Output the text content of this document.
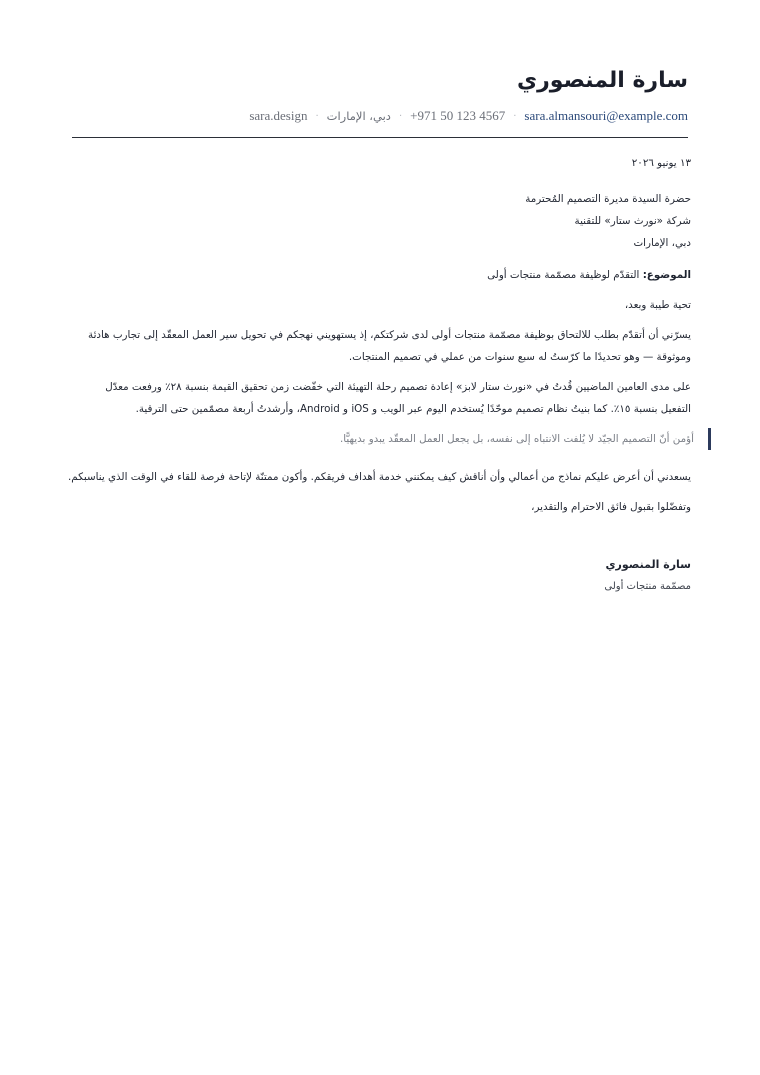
سارة المنصوري
sara.almansouri@example.com
·
+971 50 123 4567
·
دبي، الإمارات
·
sara.design
١٣ يونيو ٢٠٢٦
حضرة السيدة مديرة التصميم المُحترمة
شركة «نورث ستار» للتقنية
دبي، الإمارات
الموضوع: التقدّم لوظيفة مصمّمة منتجات أولى
تحية طيبة وبعد،
يسرّني أن أتقدّم بطلب للالتحاق بوظيفة مصمّمة منتجات أولى لدى شركتكم، إذ يستهويني نهجكم في تحويل سير العمل المعقّد إلى تجارب هادئة
وموثوقة — وهو تحديدًا ما كرّستُ له سبع سنوات من عملي في تصميم المنتجات.
على مدى العامين الماضيين قُدتُ في «نورث ستار لابز» إعادة تصميم رحلة التهيئة التي خفّضت زمن تحقيق القيمة بنسبة ٢٨٪ ورفعت معدّل
التفعيل بنسبة ١٥٪. كما بنيتُ نظام تصميم موحّدًا يُستخدم اليوم عبر الويب و iOS و Android، وأرشدتُ أربعة مصمّمين حتى الترقية.
أؤمن أنّ التصميم الجيّد لا يُلفت الانتباه إلى نفسه، بل يجعل العمل المعقّد يبدو بديهيًّا.
يسعدني أن أعرض عليكم نماذج من أعمالي وأن أناقش كيف يمكنني خدمة أهداف فريقكم. وأكون ممتنّة لإتاحة فرصة للقاء في الوقت الذي يناسبكم.
وتفضّلوا بقبول فائق الاحترام والتقدير،
سارة المنصوري
مصمّمة منتجات أولى
